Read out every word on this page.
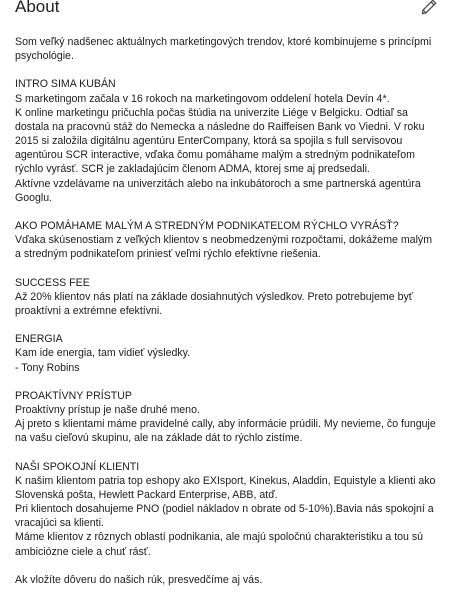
About

Som veľký nadšenec aktuálnych marketingových trendov, ktoré kombinujeme s princípmi psychológie.

INTRO SIMA KUBÁN

S marketingom začala v 16 rokoch na marketingovom oddelení hotela Devín 4*.

K online marketingu pričuchla počas štúdia na univerzite Liége v Belgicku. Odtiaľ sa dostala na pracovnú stáž do Nemecka a následne do Raiffeisen Bank vo Viedni. V roku 2015 si založila digitálnu agentúru EnterCompany, ktorá sa spojila s full servisovou agentúrou SCR interactive, vďaka čomu pomáhame malým a stredným podnikateľom rýchlo vyrásť. SCR je zakladajúcim členom ADMA, ktorej sme aj predsedali.

Aktívne vzdelávame na univerzitách alebo na inkubátoroch a sme partnerská agentúra Googlu.

AKO POMÁHAME MALÝM A STREDNÝM PODNIKATEĽOM RÝCHLO VYRÁSŤ?

Vďaka skúsenostiam z veľkých klientov s neobmedzenými rozpočtami, dokážeme malým a stredným podnikateľom priniesť veľmi rýchlo efektívne riešenia.

SUCCESS FEE

Až 20% klientov nás platí na základe dosiahnutých výsledkov. Preto potrebujeme byť proaktívni a extrémne efektívni.

ENERGIA

Kam ide energia, tam vidieť výsledky.

- Tony Robins

PROAKTÍVNY PRÍSTUP

Proaktívny prístup je naše druhé meno.

Aj preto s klientami máme pravidelné cally, aby informácie prúdili. My nevieme, čo funguje na vašu cieľovú skupinu, ale na základe dát to rýchlo zistíme.

NAŠI SPOKOJNÍ KLIENTI

K našim klientom patria top eshopy ako EXIsport, Kinekus, Aladdin, Equistyle a klienti ako Slovenská pošta, Hewlett Packard Enterprise, ABB, atď.

Pri klientoch dosahujeme PNO (podiel nákladov n obrate od 5-10%).Bavia nás spokojní a vracajúci sa klienti.

Máme klientov z rôznych oblastí podnikania, ale majú spoločnú charakteristiku a tou sú ambiciózne ciele a chuť rásť.

Ak vložíte dôveru do našich rúk, presvedčíme aj vás.
